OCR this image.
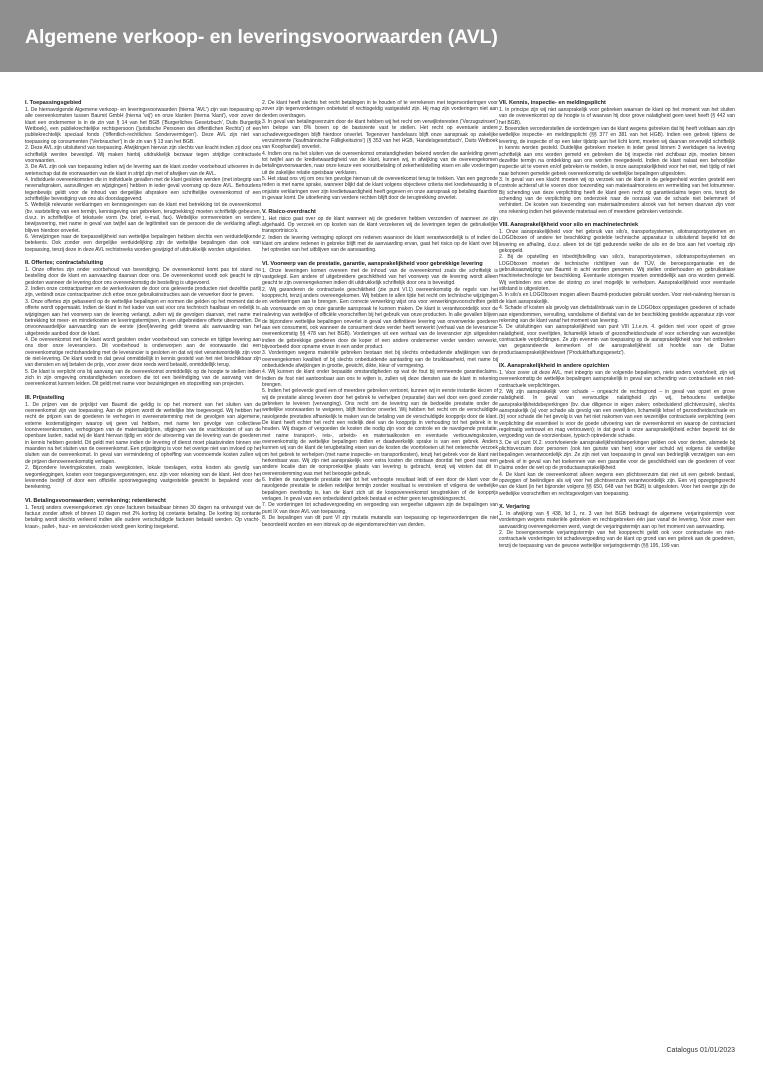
Algemene verkoop- en leveringsvoorwaarden (AVL)
I. Toepassingsgebied

1. De hiernavolgende Algemene verkoop- en leveringsvoorwaarden (hierna 'AVL') zijn van toepassing op alle overeenkomsten tussen Baumit GmbH (hierna 'wij') en onze klanten (hierna 'klant'), voor zover de klant een ondernemer is in de zin van § 14 van het BGB ('Burgerliches Gesetzbuch', Duits Burgerlijk Wetboek), een publiekrechtelijke rechtspersoon ('juristische Personen des öffentlichen Rechts') of een publiekrechtelijk speciaal fonds ('öffentlich-rechtliches Sondervermögen'). Deze AVL zijn niet van toepassing op consumenten ('Verbraucher') in de zin van § 13 van het BGB.

2. Deze AVL zijn uitsluitend van toepassing. Afwijkingen hiervan zijn slechts van kracht indien zij door ons schriftelijk werden bevestigd. Wij maken hierbij uitdrukkelijk bezwaar tegen strijdige contractuele voorwaarden.

3. De AVL zijn ook van toepassing indien wij de levering aan de klant zonder voorbehoud uitvoeren in de wetenschap dat de voorwaarden van de klant in strijd zijn met of afwijken van de AVL.

4. Individuele overeenkomsten die in individuele gevallen met de klant gesloten werden (met inbegrip van nevenafspraken, aanvullingen en wijzigingen) hebben in ieder geval voorrang op deze AVL. Behoudens tegenbewijs geldt voor de inhoud van dergelijke afspraken een schriftelijke overeenkomst of een schriftelijke bevestiging van ons als doorslaggevend.

5. Wettelijk relevante verklaringen en kennisgevingen van de klant met betrekking tot de overeenkomst (bv. vaststelling van een termijn, kennisgeving van gebreken, terugtrekking) moeten schriftelijk gebeuren, d.w.z. in schriftelijke of tekstuele vorm (bv. brief, e-mail, fax). Wettelijke vormvereisten en verdere bewijsvoering, met name in geval van twijfel aan de legitimiteit van de persoon die de verklaring aflegt, blijven hierdoor onverlet.

6. Verwijzingen naar de toepasselijkheid van wettelijke bepalingen hebben slechts een verduidelijkende betekenis. Ook zonder een dergelijke verduidelijking zijn de wettelijke bepalingen dan ook van toepassing, tenzij deze in deze AVL rechtstreeks worden gewijzigd of uitdrukkelijk worden uitgesloten.

II. Offertes; contractafsluiting

1. Onze offertes zijn onder voorbehoud van bevestiging. De overeenkomst komt pas tot stand na bestelling door de klant en aanvaarding daarvan door ons. De overeenkomst wordt ook geacht te zijn gesloten wanneer de levering door ons overeenkomstig de bestelling is uitgevoerd.

2. Indien onze contractpartner en de werkerkvaren de door ons geleverde producten niet dezelfde partij zijn, verbindt onze contractpartner zich ertoe onze gebruiksinstructies aan de verwerker door te geven.

3. Onze offertes zijn gebaseerd op de wettelijke bepalingen en normen die gelden op het moment dat de offerte wordt opgemaakt. Indien de klant in het kader van wat voor ons technisch haalbaar en redelijk is, wijzigingen aan het voorwerp van de levering verlangt, zullen wij de gevolgen daarvan, met name met betrekking tot meer- en minderkosten en leveringstermijnen, in een uitgebreidere offerte uiteenzetten. De onvoorwaardelijke aanvaarding van de eerste (deel)levering geldt tevens als aanvaarding van het uitgebreide aanbod door de klant.

4. De overeenkomst met de klant wordt gesloten onder voorbehoud van correcte en tijdige levering aan ons door onze leveranciers. Dit voorbehoud is onderworpen aan de voorwaarde dat een overeenkomstige rechtshandeling met de leverancier is gesloten en dat wij niet verantwoordelijk zijn voor de niet-levering. De klant wordt in dat geval onmiddellijk in kennis gesteld van het niet beschikbaar zijn van diensten en wij betalen de prijs, voor zover deze reeds werd betaald, onmiddellijk terug.

5. De klant is verplicht ons bij aanvang van de overeenkomst onmiddellijk op de hoogte te stellen indien zich in zijn omgeving omstandigheden voordoen die tot een beëindiging van de aanvang van de overeenkomst kunnen leiden. Dit geldt met name voor bezuinigingen en stopzetting van projecten.

III. Prijsstelling

1. De prijzen van de prijslijst van Baumit die geldig is op het moment van het sluiten van de overeenkomst zijn van toepassing. Aan de prijzen wordt de wettelijke btw toegevoegd. Wij hebben het recht de prijzen van de goederen te verhogen in overeenstemming met de gevolgen van algemene, externe kostenstijgingen waarop wij geen vat hebben, met name ten gevolge van collectieve loonovereenkomsten, verhogingen van de materiaalprijzen, stijgingen van de vrachtkosten of van de openbare lasten, nadat wij de klant hiervan tijdig en vóór de uitvoering van de levering van de goederen in kennis hebben gesteld. Dit geldt met name indien de levering of dienst moet plaatsvinden binnen vier maanden na het sluiten van de overeenkomst. Een prijsstijging is voor het overige niet van invloed op het sluiten van de overeenkomst. In geval van vermindering of opheffing van voornoemde kosten zullen wij de prijzen dienovereenkomstig verlagen.

2. Bijzondere leveringskosten, zoals weegkosten, lokale toeslagen, extra kosten als gevolg van wegomleggingen, kosten voor toegangsvergunningen, enz. zijn voor rekening van de klant. Het door het leverende bedrijf of door een officiële spoorwegweging vastgestelde gewicht is bepalend voor de berekening.

VI. Betalingsvoorwaarden; verrekening; retentierecht

1. Tenzij anders overeengekomen zijn onze facturen betaalbaar binnen 30 dagen na ontvangst van de factuur zonder aftrek of binnen 10 dagen met 2% korting bij contante betaling. De korting bij contante betaling wordt slechts verleend indien alle oudere verschuldigde facturen betaald werden. Op vracht-, kraan-, pallet-, huur- en servicekosten wordt geen korting toegekend.

2. De klant heeft slechts het recht betalingen in te houden of te verrekenen met tegenvorderingen voor zover zijn tegenvorderingen onbetwist of rechtsgeldig vastgesteld zijn. Hij mag zijn vorderingen niet aan derden overdragen.

3. In geval van betalingsverzuim door de klant hebben wij het recht om verwijlinteresten ('Verzugszinsen') ten belope van 8% boven op de basisrente vast te stellen. Het recht op eventuele andere schadevergoedingen blijft hierdoor onverlet. Tegenover handelaars blijft onze aanspraak op zakelijke verzuimrente ('kaufmännische Fälligkeitszins') (§ 353 van het HGB, 'Handelsgesetzbuch', Duits Wetboek van Koophandel) onverlet.

4. Indien ons na het sluiten van de overeenkomst omstandigheden bekend worden die aanleiding geven tot twijfel aan de kredietwaardigheid van de klant, kunnen wij, in afwijking van de overeengekomen betalingsvoorwaarden, naar onze keuze een vooruitbetaling of zekerheidstelling eisen en alle vorderingen uit de zakelijke relatie opeisbaar verklaren.

5. Het staat ons vrij om ons ten gevolge hiervan uit de overeenkomst terug te trekken. Van een gegronde reden is met name sprake, wanneer blijkt dat de klant volgens objectieve criteria niet kredietwaardig is of onjuiste verklaringen over zijn kredietwaardigheid heeft gegeven en onze aanspraak op betaling daardoor in gevaar komt. De uitoefening van verdere rechten blijft door de terugtrekking onverlet.

V. Risico-overdracht

1. Het risico gaat over op de klant wanneer wij de goederen hebben verzonden of wanneer ze zijn afgehaald. Op verzoek en op kosten van de klant verzekeren wij de leveringen tegen de gebruikelijke transportrisico's.

2. Indien de levering vertraging oploopt om redenen waarvoor de klant verantwoordelijk is of indien de klant om andere redenen in gebreke blijft met de aanvaarding ervan, gaat het risico op de klant over bij het optreden van het uitblijven van de aanvaarding.

VI. Voorwerp van de prestatie, garantie, aansprakelijkheid voor gebrekkige levering

1. Onze leveringen komen overeen met de inhoud van de overeenkomst zoals die schriftelijk is vastgelegd. Een andere of uitgebreidere geschiktheid van het voorwerp van de levering wordt alleen geacht te zijn overeengekomen indien dit uitdrukkelijk schriftelijk door ons is bevestigd.

2. Wij garanderen de contractuele geschiktheid (zie punt VI.1) overeenkomstig de regels van het koopprecht, tenzij anders overeengekomen. Wij hebben te allen tijde het recht om technische wijzigingen en verbeteringen aan te brengen. Een correcte verwerking wijst ons voor verwerkingsvoorschriften geldt als voorwaarde om op onze garantie aanspraak te kunnen maken. De klant is verantwoordelijk voor de naleving van wettelijke of officiële voorschriften bij het gebruik van onze producten. In alle gevallen blijven de bijzondere wettelijke bepalingen onverlet in geval van definitieve levering van onverwerkte goederen aan een consument, ook wanneer de consument deze verder heeft verwerkt (verhaal van de leverancier overeenkomstig §§ 478 van het BGB). Vorderingen uit een verhaal van de leverancier zijn uitgesloten indien de gebrekkige goederen door de koper of een andere ondernemer verder werden verwerkt, bijvoorbeeld door opname ervan in een ander product.

3. Vorderingen wegens materiële gebreken bestaan niet bij slechts onbeduidende afwijkingen van de overeengekomen kwaliteit of bij slechts onbeduidende aantasting van de bruikbaarheid, met name bij onbeduidende afwijkingen in grootte, gewicht, dikte, kleur of vormgeving.

4. Wij kunnen de klant onder bepaalde omstandigheden op wat de fout bij vermeende garantieclaims. Indien de fout niet aantoonbaar aan ons te wijten is, zullen wij deze diensten aan de klant in rekening brengen.

5. Indien het geleverde goed een of meerdere gebreken vertoont, kunnen wij in eerste instantie kiezen of wij de prestatie alsnog leveren door het gebrek te verhelpen (reparatie) dan wel door een goed zonder gebreken te leveren (vervanging). Ons recht om de levering van de bedoelde prestatie onder de wettelijke voorwaarden te weigeren, blijft hierdoor onverlet. Wij hebben het recht om de verschuldigde navolgende prestaties afhankelijk te maken van de betaling van de verschuldigde koopprijs door de klant. De klant heeft echter het recht een redelijk deel van de koopprijs in verhouding tot het gebrek in te houden. Wij dragen of vergoeden de kosten die nodig zijn voor de controle en de navolgende prestatie, met name transport-, reis-, arbeids- en materiaalkosten en eventuele verbouwingskosten, overeenkomstig de wettelijke bepalingen indien er daadwerkelijk sprake is van een gebrek. Anders kunnen wij van de klant de terugbetaling eisen van de kosten die voortvloeien uit het onterechte verzoek om het gebrek te verhelpen (met name inspectie- en transportkosten), tenzij het gebrek voor de klant niet herkenbaar was. Wij zijn niet aansprakelijk voor extra kosten die ontstaan doordat het goed naar een andere locatie dan de oorspronkelijke plaats van levering is gebracht, tenzij wij wisten dat dit in overeenstemming was met het beoogde gebruik.

6. Indien de navolgende prestatie niet tot het verhoopte resultaat leidt of een door de klant voor de navolgende prestatie te stellen redelijke termijn zonder resultaat is verstreken of volgens de wettelijke bepalingen overbodig is, kan de klant zich uit de koopovereenkomst terugtrekken of de koopprijs verlagen. In geval van een onbeduidend gebrek bestaat er echter geen terugtrekkingsrecht.

7. De vorderingen tot schadevergoeding en vergoeding van vergeefse uitgaven zijn de bepalingen van punt IX van deze AVL van toepassing.

8. De bepalingen van dit punt VI zijn mutatis mutandis van toepassing op tegenvorderingen die niet beoordeeld worden en een inbreuk op de eigendomsrechten van derden.

VII. Kennis, inspectie- en meldingsplicht

1. In principe zijn wij niet aansprakelijk voor gebreken waarvan de klant op het moment van het sluiten van de overeenkomst op de hoogte is of waarvan hij door grove nalatigheid geen weet heeft (§ 442 van het BGB).

2. Bovendien veronderstellen de vorderingen van de klant wegens gebreken dat hij heeft voldaan aan zijn wettelijke inspectie- en meldingsplicht (§§ 377 en 381 van het HGB). Indien een gebrek tijdens de levering, de inspectie of op een later tijdstip aan het licht komt, moeten wij daarvan onverwijld schriftelijk in kennis worden gesteld. Duidelijke gebreken moeten in ieder geval binnen 3 werkdagen na levering schriftelijk aan ons worden gemeld en gebreken die bij inspectie niet zichtbaar zijn, moeten binnen dezelfde termijn na ontdekking aan ons worden meegedeeld. Indien de klant nalaat een behoorlijke inspectie uit te voeren en/of gebreken te melden, is onze aansprakelijkheid voor het niet, niet tijdig of niet naar behoren gemelde gebrek overeenkomstig de wettelijke bepalingen uitgesloten.

3. In geval van een klacht moeten wij op verzoek van de klant in de gelegenheid worden gesteld een controle achteraf uit te voeren door toezending van materiaalmonsters en vermelding van het lotnummer. Bij schending van deze verplichting heeft de klant geen recht op garantieclaims tegen ons, tenzij de schending van de verplichting om onderzoek naar de oorzaak van de schade niet belemmert of verhindert. De kosten van toezending van materiaalmonsters alsook van het nemen daarvan zijn voor ons rekening indien het geleverde materiaal een of meerdere gebreken vertoonde.

VIII. Aansprakelijkheid voor silo en machinetechniek

1. Onze aansprakelijkheid voor het gebruik van silo's, transportsystemen, silotransportsystemen en LOGOboxen of andere ter beschikking gestelde technische apparatuur is uitsluitend beperkt tot de levering en afhaling, d.w.z. alleen tot de tijd gedurende welke de silo en de box aan het voertuig zijn gekoppeld.

2. Bij de opstelling en inbedrijfstelling van silo's, transportsystemen, silotransportsystemen en LOGOboxen moeten de technische richtlijnen van de TÜV, de beroepsorganisatie en de gebruiksaanwijzing van Baumit in acht worden genomen. Wij stellen onderhouden en gebruikskiare machinetechnologie ter beschikking. Eventuele storingen moeten onmiddellijk aan ons worden gemeld. Wij verbinden ons ertoe de storing zo snel mogelijk te verhelpen. Aansprakelijkheid voor eventuele stilstand is uitgesloten.

3. In silo's en LOGOboxen mogen alleen Baumit-producten gebruikt worden. Voor niet-naleving hiervan is de klant aansprakelijk.

4. Schade of kosten als gevolg van diefstal/inbraak van in de LOGObox opgeslagen goederen of schade aan eigendommen, vervuiling, vandalisme of diefstal van de ter beschikking gestelde apparatuur zijn voor rekening van de klant vanaf het moment van levering.

5. De uitsluitingen van aansprakelijkheid van punt VIII 1.t.e.m. 4. gelden niet voor opzet of grove nalatigheid, voor overlijden, lichamelijk letsels of gezondheidsschade of voor schending van wezenlijke contractuele verplichtingen. Ze zijn evenmin van toepassing op de aansprakelijkheid voor het ontbreken van gegarandeerde kenmerken of de aansprakelijkheid uit hoofde van de Duitse productaansprakelijkheidswet ('Produkthaftungsgesetz').

IX. Aansprakelijkheid in andere opzichten

1. Voor zover uit deze AVL, met inbegrip van de volgende bepalingen, niets anders voortvloeit, zijn wij overeenkomstig de wettelijke bepalingen aansprakelijk in geval van schending van contractuele en niet-contractuele verplichtingen.

2. Wij zijn aansprakelijk voor schade – ongeacht de rechtsgrond – in geval van opzet en grove nalatigheid. In geval van eenvoudige nalatigheid zijn wij, behoudens wettelijke aansprakelijkheidsbeperkingen (bv. due diligence in eigen zaken; onbeduidend plichtverzuim), slechts aansprakelijk (a) voor schade als gevolg van een overlijden, lichamelijk letsel of gezondheidsschade en (b) voor schade die het gevolg is van het niet nakomen van een wezenlijke contractuele verplichting (een verplichting die essentieel is voor de goede uitvoering van de overeenkomst en waarop de contractant regelmatig vertrouwt en mag vertrouwen); in dat geval is onze aansprakelijkheid echter beperkt tot de vergoeding van de voorzienbare, typisch optredende schade.

3. De uit punt IX.2. voortvloeiende aansprakelijkheidsbeperkingen gelden ook voor derden, alsmede bij plichtsverzuim door personen (ook ten gunste van hen) voor wier schuld wij volgens de wettelijke bepalingen verantwoordelijk zijn. Ze zijn niet van toepassing in geval van bedrieglijk verzwijgen van een gebrek of in geval van het toekennen van een garantie voor de geschiktheid van de goederen of voor claims onder de wet op de productaansprakelijkheid.

4. De klant kan de overeenkomst alleen wegens een plichtsverzuim dat niet uit een gebrek bestaat, opzeggen of beëindigen als wij voor het plichtsverzuim verantwoordelijk zijn. Een vrij opzeggingsrecht van de klant (in het bijzonder volgens §§ 650, 648 van het BGB) is uitgesloten. Voor het overige zijn de wettelijke voorschriften en rechtsgevolgen van toepassing.

X. Verjaring

1. In afwijking van § 438, lid 1, nr. 3 van het BGB bedraagt de algemene verjaringstermijn voor vorderingen wegens materiële gebreken en rechtsgebreken één jaar vanaf de levering. Voor zover een aanvaarding overeengekomen werd, vangt de verjaringstermijn aan op het moment van aanvaarding.

2. De bovengenoemde verjaringstermijn van het koopprecht geldt ook voor contractuele en niet-contractuele vorderingen tot schadevergoeding van de klant op grond van een gebrek aan de goederen, tenzij de toepassing van de gewone wettelijke verjaringstermijn (§§ 195, 199 van

Catalogus 01/01/2023
